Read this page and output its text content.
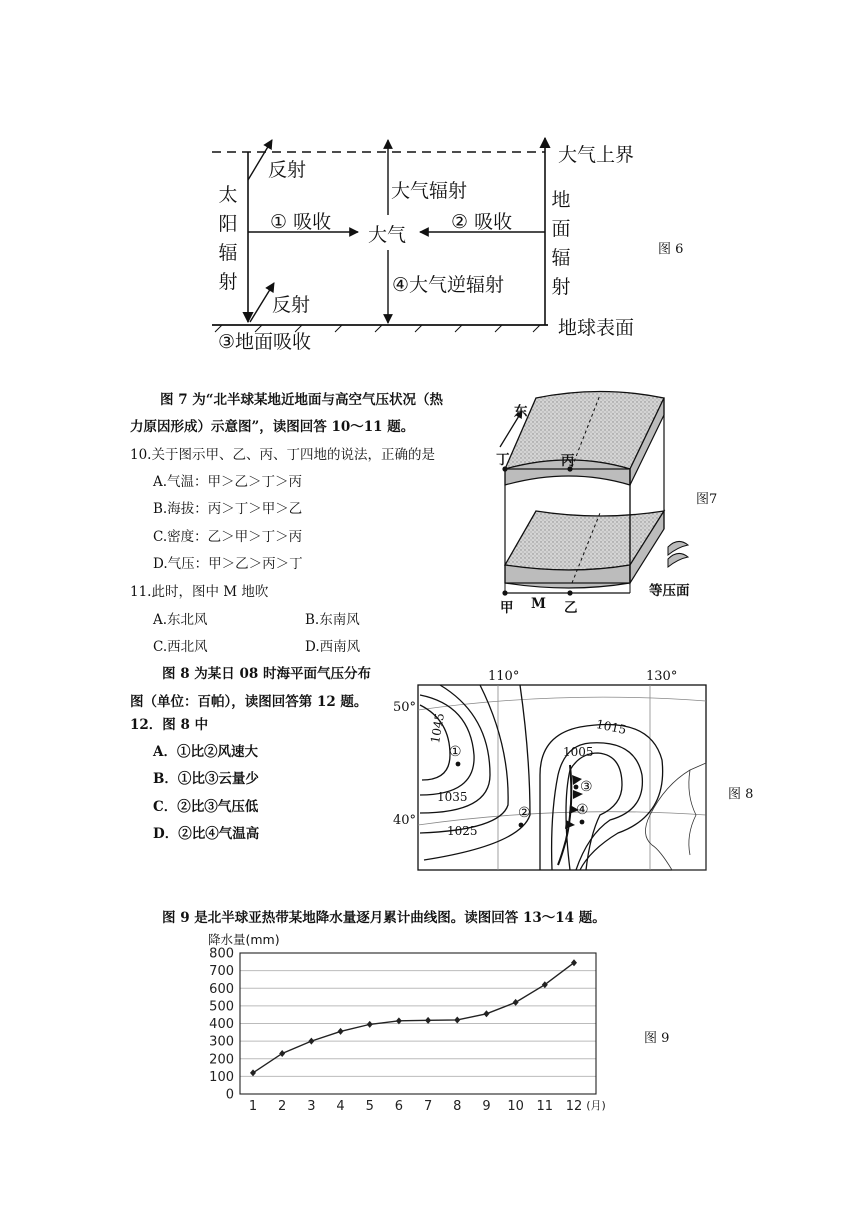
大气上界
地球表面
反射
反射
大气辐射
① 吸收	② 吸收
大气
④大气逆辐射
③地面吸收
太阳辐射
地面辐射
图 6
图 7 为“北半球某地近地面与高空气压状况（热
力原因形成）示意图”，读图回答 10～11 题。
10.关于图示甲、乙、丙、丁四地的说法，正确的是
A.气温：甲＞乙＞丁＞丙
B.海拔：丙＞丁＞甲＞乙
C.密度：乙＞甲＞丁＞丙
D.气压：甲＞乙＞丙＞丁
11.此时，图中 M 地吹
A.东北风	B.东南风
C.西北风	D.西南风
东
丁	丙
甲 M 乙
等压面
图7
图 8 为某日 08 时海平面气压分布
图（单位：百帕），读图回答第 12 题。
12．图 8 中
A．①比②风速大
B．①比③云量少
C．②比③气压低
D．②比④气温高
110°	130°
50°
40°
1045
1035
1025
1015
1005
①
②
③
④
图 8
图 9 是北半球亚热带某地降水量逐月累计曲线图。读图回答 13～14 题。
图 9
降水量(mm)
0
100
200
300
400
500
600
700
800
1 2 3 4 5 6 7 8 9 10 11 12 (月)
